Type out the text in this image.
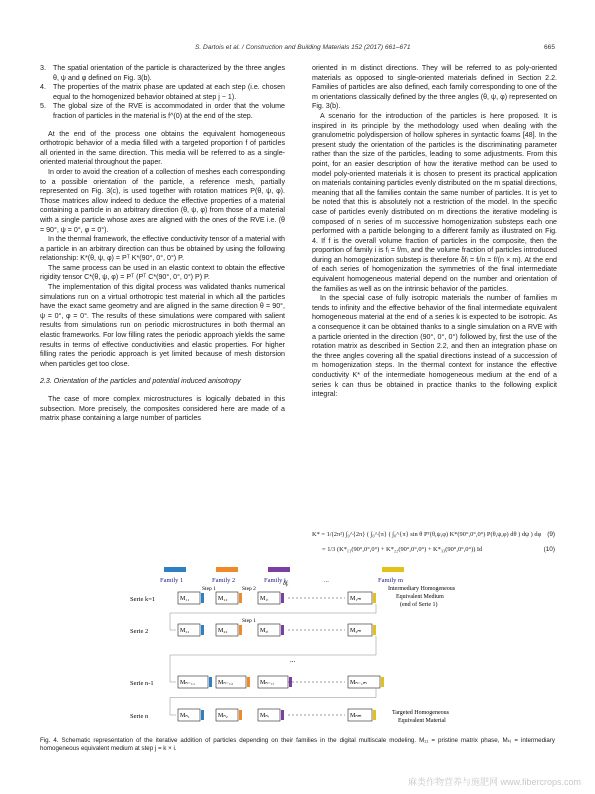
S. Dartois et al. / Construction and Building Materials 152 (2017) 661–671	665
3. The spatial orientation of the particle is characterized by the three angles θ, ψ and φ defined on Fig. 3(b).
4. The properties of the matrix phase are updated at each step (i.e. chosen equal to the homogenized behavior obtained at step j − 1).
5. The global size of the RVE is accommodated in order that the volume fraction of particles in the material is f^(0) at the end of the step.

At the end of the process one obtains the equivalent homogeneous orthotropic behavior of a media filled with a targeted proportion f of particles all oriented in the same direction. This media will be referred to as a single-oriented material throughout the paper.

In order to avoid the creation of a collection of meshes each corresponding to a possible orientation of the particle, a reference mesh, partially represented on Fig. 3(c), is used together with rotation matrices P(θ, ψ, φ). Those matrices allow indeed to deduce the effective properties of a material containing a particle in an arbitrary direction (θ, ψ, φ) from those of a material with a single particle whose axes are aligned with the ones of the RVE i.e. (θ = 90°, ψ = 0°, φ = 0°).

In the thermal framework, the effective conductivity tensor of a material with a particle in an arbitrary direction can thus be obtained by using the following relationship: K*(θ, ψ, φ) = Pᵀ K*(90°, 0°, 0°) P.

The same process can be used in an elastic context to obtain the effective rigidity tensor C*(θ, ψ, φ) = Pᵀ (Pᵀ C*(90°, 0°, 0°) P) P.

The implementation of this digital process was validated thanks numerical simulations run on a virtual orthotropic test material in which all the particles have the exact same geometry and are aligned in the same direction θ = 90°, ψ = 0°, φ = 0°. The results of these simulations were compared with salient results from simulations run on periodic microstructures in both thermal an elastic frameworks. For low filling rates the periodic approach yields the same results in terms of effective conductivities and elastic properties. For higher filling rates the periodic approach is yet limited because of mesh distorsion when particles get too close.

2.3. Orientation of the particles and potential induced anisotropy

The case of more complex microstructures is logically debated in this subsection. More precisely, the composites considered here are made of a matrix phase containing a large number of particles

oriented in m distinct directions. They will be referred to as poly-oriented materials as opposed to single-oriented materials defined in Section 2.2. Families of particles are also defined, each family corresponding to one of the m orientations classically defined by the three angles (θ, ψ, φ) represented on Fig. 3(b).

A scenario for the introduction of the particles is here proposed. It is inspired in its principle by the methodology used when dealing with the granulometric polydispersion of hollow spheres in syntactic foams [48]. In the present study the orientation of the particles is the discriminating parameter rather than the size of the particles, leading to some adjustments. From this point, for an easier description of how the iterative method can be used to model poly-oriented materials it is chosen to present its practical application on materials containing particles evenly distributed on the m spatial directions, meaning that all the families contain the same number of particles. It is yet to be noted that this is absolutely not a restriction of the model. In the specific case of particles evenly distributed on m directions the iterative modeling is composed of n series of m successive homogenization substeps each one performed with a particle belonging to a different family as illustrated on Fig. 4. If f is the overall volume fraction of particles in the composite, then the proportion of family i is fᵢ = f/m, and the volume fraction of particles introduced during an homogenization substep is therefore δfᵢ = fᵢ/n = f/(n × m). At the end of each series of homogenization the symmetries of the final intermediate equivalent homogeneous material depend on the number and orientation of the families as well as on the intrinsic behavior of the particles.

In the special case of fully isotropic materials the number of families m tends to infinity and the effective behavior of the final intermediate equivalent homogeneous material at the end of a series k is expected to be isotropic. As a consequence it can be obtained thanks to a single simulation on a RVE with a particle oriented in the direction (90°, 0°, 0°) followed by, first the use of the rotation matrix as described in Section 2.2, and then an integration phase on the three angles covering all the spatial directions instead of a succession of m homogenization steps. In the thermal context for instance the effective conductivity K* of the intermediate homogeneous medium at the end of a series k can thus be obtained in practice thanks to the following explicit integral:

K* = 1/(2π²) ∫₀^{2π} ( ∫₀^{π} ( ∫₀^{π} sin θ Pᵀ(θ,ψ,φ) K*(90°,0°,0°) P(θ,ψ,φ) dθ ) dψ ) dφ (9)
= 1/3 (K*₁₁(90°,0°,0°) + K*₂₂(90°,0°,0°) + K*₃₃(90°,0°,0°)) Id	(10)
Family 1	Family 2	Family i	...	Family m
Serie k=1	M₁₁	M₁₂	M₁ᵢ	M₁ₘ
Serie 2	M₂₁	M₂₂	M₂ᵢ	M₂ₘ
Serie n-1	Mₙ₋₁₁	Mₙ₋₁₂	Mₙ₋₁ᵢ	Mₙ₋₁ₘ
Serie n	Mₙ₁	Mₙ₂	Mₙᵢ	Mₙₘ
Step 1	Step 2
Step 1
δfᵢ
...
Intermediary Homogeneous
Equivalent Medium
(end of Serie 1)
Targeted Homogeneous
Equivalent Material
Fig. 4. Schematic representation of the iterative addition of particles depending on their families in the digital multiscale modeling. M₁₁ = pristine matrix phase, Mₖⱼ = intermediary homogeneous equivalent medium at step j = k × i.
麻类作物营养与施肥网 www.fibercrops.com
